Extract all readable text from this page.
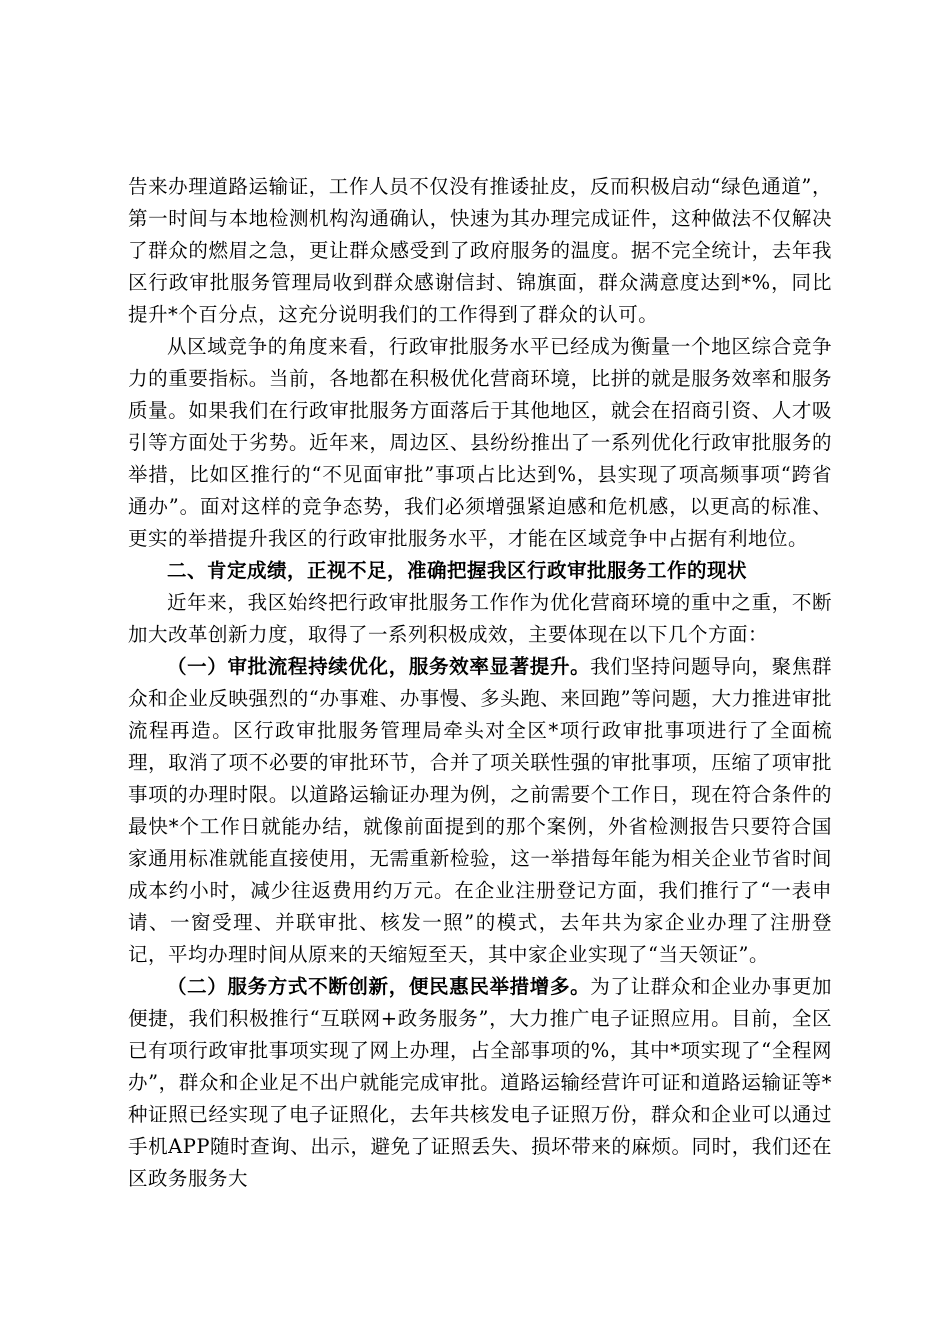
告来办理道路运输证，工作人员不仅没有推诿扯皮，反而积极启动“绿色通道”，第一时间与本地检测机构沟通确认，快速为其办理完成证件，这种做法不仅解决了群众的燃眉之急，更让群众感受到了政府服务的温度。据不完全统计，去年我区行政审批服务管理局收到群众感谢信封、锦旗面，群众满意度达到*%，同比提升*个百分点，这充分说明我们的工作得到了群众的认可。

从区域竞争的角度来看，行政审批服务水平已经成为衡量一个地区综合竞争力的重要指标。当前，各地都在积极优化营商环境，比拼的就是服务效率和服务质量。如果我们在行政审批服务方面落后于其他地区，就会在招商引资、人才吸引等方面处于劣势。近年来，周边区、县纷纷推出了一系列优化行政审批服务的举措，比如区推行的“不见面审批”事项占比达到%，县实现了项高频事项“跨省通办”。面对这样的竞争态势，我们必须增强紧迫感和危机感，以更高的标准、更实的举措提升我区的行政审批服务水平，才能在区域竞争中占据有利地位。

二、肯定成绩，正视不足，准确把握我区行政审批服务工作的现状

近年来，我区始终把行政审批服务工作作为优化营商环境的重中之重，不断加大改革创新力度，取得了一系列积极成效，主要体现在以下几个方面：

（一）审批流程持续优化，服务效率显著提升。我们坚持问题导向，聚焦群众和企业反映强烈的“办事难、办事慢、多头跑、来回跑”等问题，大力推进审批流程再造。区行政审批服务管理局牵头对全区*项行政审批事项进行了全面梳理，取消了项不必要的审批环节，合并了项关联性强的审批事项，压缩了项审批事项的办理时限。以道路运输证办理为例，之前需要个工作日，现在符合条件的最快*个工作日就能办结，就像前面提到的那个案例，外省检测报告只要符合国家通用标准就能直接使用，无需重新检验，这一举措每年能为相关企业节省时间成本约小时，减少往返费用约万元。在企业注册登记方面，我们推行了“一表申请、一窗受理、并联审批、核发一照”的模式，去年共为家企业办理了注册登记，平均办理时间从原来的天缩短至天，其中家企业实现了“当天领证”。

（二）服务方式不断创新，便民惠民举措增多。为了让群众和企业办事更加便捷，我们积极推行“互联网+政务服务”，大力推广电子证照应用。目前，全区已有项行政审批事项实现了网上办理，占全部事项的%，其中*项实现了“全程网办”，群众和企业足不出户就能完成审批。道路运输经营许可证和道路运输证等*种证照已经实现了电子证照化，去年共核发电子证照万份，群众和企业可以通过手机APP随时查询、出示，避免了证照丢失、损坏带来的麻烦。同时，我们还在区政务服务大
